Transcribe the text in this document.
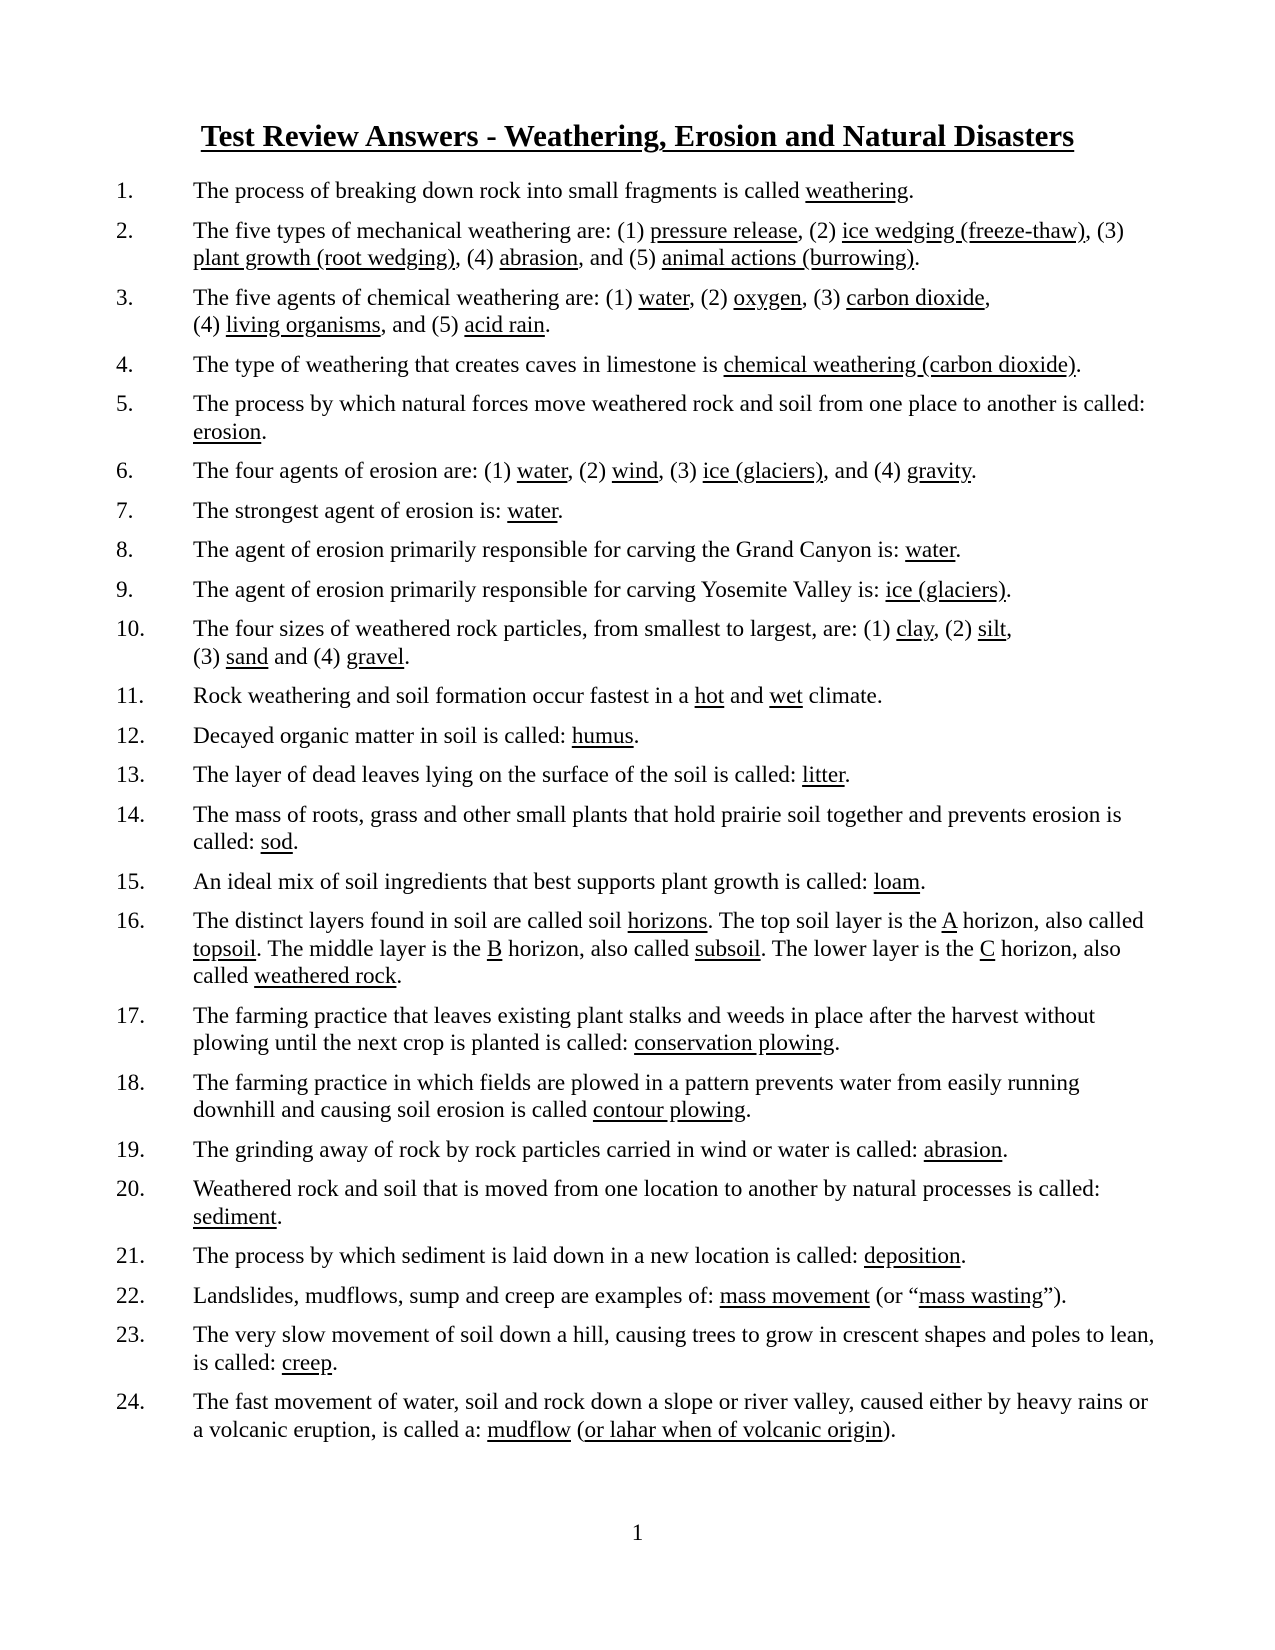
Test Review Answers - Weathering, Erosion and Natural Disasters
1.	The process of breaking down rock into small fragments is called weathering.
2.	The five types of mechanical weathering are: (1) pressure release, (2) ice wedging (freeze-thaw), (3) plant growth (root wedging), (4) abrasion, and (5) animal actions (burrowing).
3.	The five agents of chemical weathering are: (1) water, (2) oxygen, (3) carbon dioxide,
(4) living organisms, and (5) acid rain.
4.	The type of weathering that creates caves in limestone is chemical weathering (carbon dioxide).
5.	The process by which natural forces move weathered rock and soil from one place to another is called: erosion.
6.	The four agents of erosion are: (1) water, (2) wind, (3) ice (glaciers), and (4) gravity.
7.	The strongest agent of erosion is: water.
8.	The agent of erosion primarily responsible for carving the Grand Canyon is: water.
9.	The agent of erosion primarily responsible for carving Yosemite Valley is: ice (glaciers).
10. The four sizes of weathered rock particles, from smallest to largest, are: (1) clay, (2) silt,
(3) sand and (4) gravel.
11. Rock weathering and soil formation occur fastest in a hot and wet climate.
12. Decayed organic matter in soil is called: humus.
13. The layer of dead leaves lying on the surface of the soil is called: litter.
14. The mass of roots, grass and other small plants that hold prairie soil together and prevents erosion is called: sod.
15. An ideal mix of soil ingredients that best supports plant growth is called: loam.
16. The distinct layers found in soil are called soil horizons. The top soil layer is the A horizon, also called topsoil. The middle layer is the B horizon, also called subsoil. The lower layer is the C horizon, also called weathered rock.
17. The farming practice that leaves existing plant stalks and weeds in place after the harvest without plowing until the next crop is planted is called: conservation plowing.
18. The farming practice in which fields are plowed in a pattern prevents water from easily running downhill and causing soil erosion is called contour plowing.
19. The grinding away of rock by rock particles carried in wind or water is called: abrasion.
20. Weathered rock and soil that is moved from one location to another by natural processes is called: sediment.
21. The process by which sediment is laid down in a new location is called: deposition.
22. Landslides, mudflows, sump and creep are examples of: mass movement (or “mass wasting”).
23. The very slow movement of soil down a hill, causing trees to grow in crescent shapes and poles to lean, is called: creep.
24. The fast movement of water, soil and rock down a slope or river valley, caused either by heavy rains or a volcanic eruption, is called a: mudflow (or lahar when of volcanic origin).

1
